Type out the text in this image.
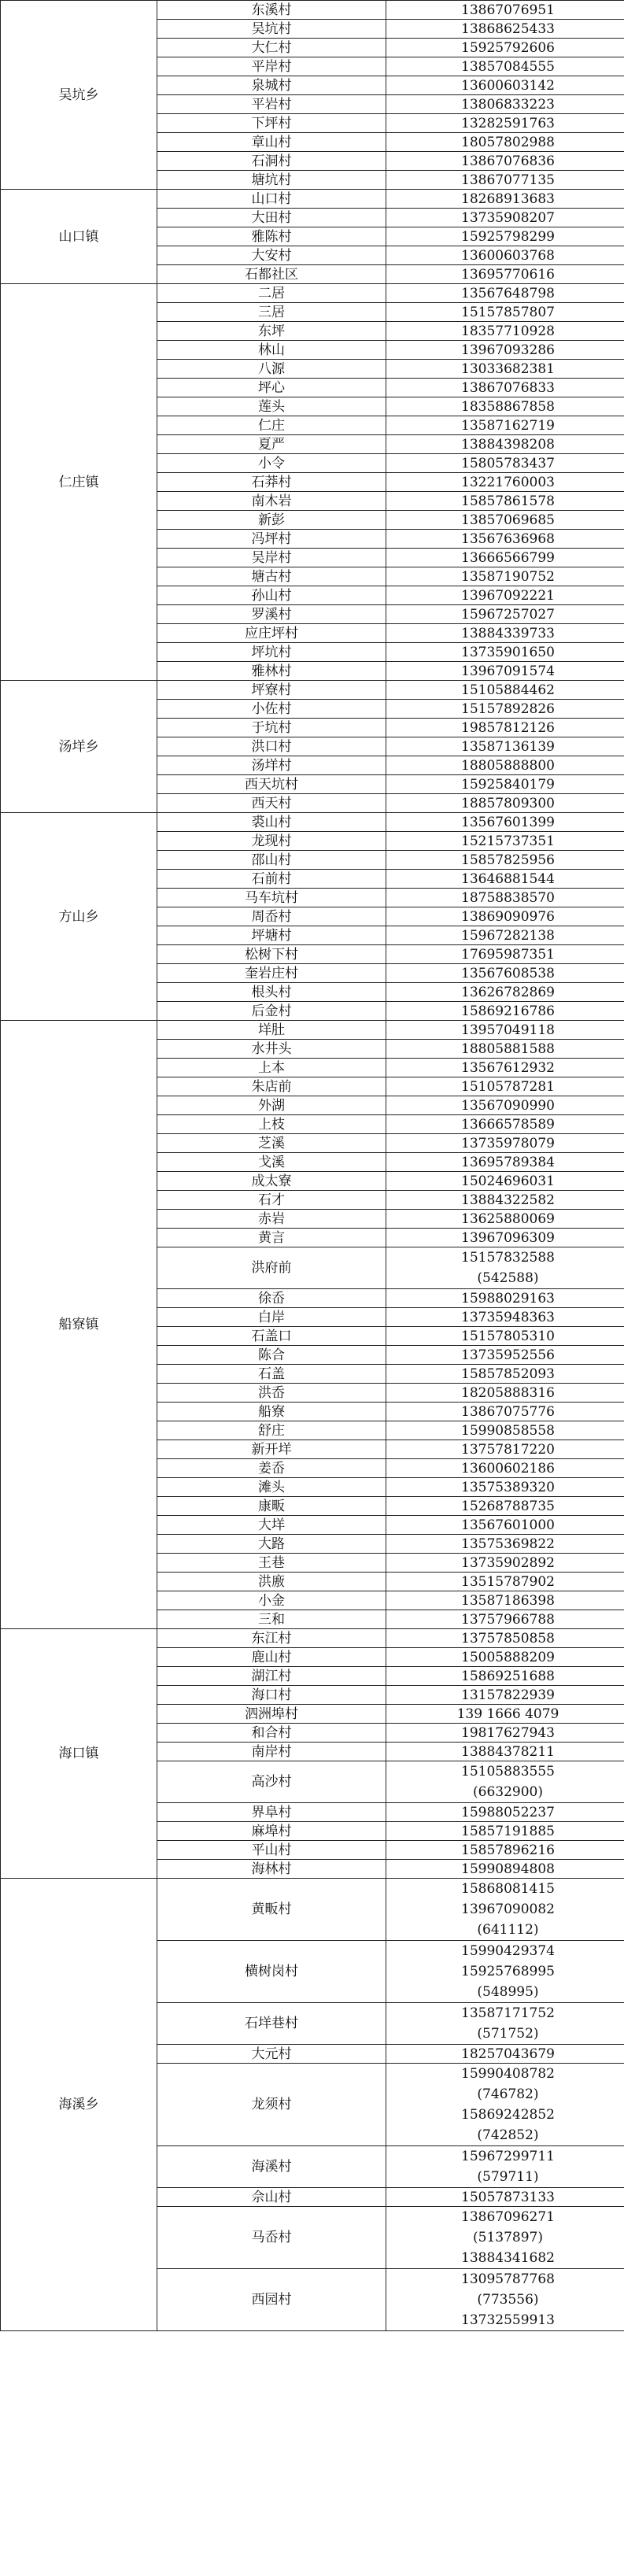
吴坑乡	东溪村	13867076951

	吴坑村	13868625433

	大仁村	15925792606

	平岸村	13857084555

	泉城村	13600603142

	平岩村	13806833223

	下坪村	13282591763

	章山村	18057802988

	石洞村	13867076836

	塘坑村	13867077135

山口镇	山口村	18268913683

	大田村	13735908207

	雅陈村	15925798299

	大安村	13600603768

	石都社区	13695770616

仁庄镇	二居	13567648798

	三居	15157857807

	东坪	18357710928

	林山	13967093286

	八源	13033682381

	坪心	13867076833

	莲头	18358867858

	仁庄	13587162719

	夏严	13884398208

	小令	15805783437

	石莽村	13221760003

	南木岩	15857861578

	新彭	13857069685

	冯坪村	13567636968

	吴岸村	13666566799

	塘古村	13587190752

	孙山村	13967092221

	罗溪村	15967257027

	应庄坪村	13884339733

	坪坑村	13735901650

	雅林村	13967091574

汤垟乡	坪寮村	15105884462

	小佐村	15157892826

	于坑村	19857812126

	洪口村	13587136139

	汤垟村	18805888800

	西天坑村	15925840179

	西天村	18857809300

方山乡	裘山村	13567601399

	龙现村	15215737351

	邵山村	15857825956

	石前村	13646881544

	马车坑村	18758838570

	周岙村	13869090976

	坪塘村	15967282138

	松树下村	17695987351

	奎岩庄村	13567608538

	根头村	13626782869

	后金村	15869216786

船寮镇	垟肚	13957049118

	水井头	18805881588

	上本	13567612932

	朱店前	15105787281

	外湖	13567090990

	上枝	13666578589

	芝溪	13735978079

	戈溪	13695789384

	成太寮	15024696031

	石才	13884322582

	赤岩	13625880069

	黄言	13967096309

	洪府前	15157832588
(542588)

	徐岙	15988029163

	白岸	13735948363

	石盖口	15157805310

	陈合	13735952556

	石盖	15857852093

	洪岙	18205888316

	船寮	13867075776

	舒庄	15990858558

	新开垟	13757817220

	姜岙	13600602186

	滩头	13575389320

	康畈	15268788735

	大垟	13567601000

	大路	13575369822

	王巷	13735902892

	洪廒	13515787902

	小金	13587186398

	三和	13757966788

海口镇	东江村	13757850858

	鹿山村	15005888209

	湖江村	15869251688

	海口村	13157822939

	泗洲埠村	139 1666 4079

	和合村	19817627943

	南岸村	13884378211

	高沙村	15105883555
(6632900)

	界阜村	15988052237

	麻埠村	15857191885

	平山村	15857896216

	海林村	15990894808

海溪乡	黄畈村	15868081415
13967090082
(641112)

	横树岗村	15990429374
15925768995
(548995)

	石垟巷村	13587171752
(571752)

	大元村	18257043679

	龙须村	15990408782
(746782)
15869242852
(742852)

	海溪村	15967299711
(579711)

	佘山村	15057873133

	马岙村	13867096271
(5137897)
13884341682

	西园村	13095787768
(773556)
13732559913
